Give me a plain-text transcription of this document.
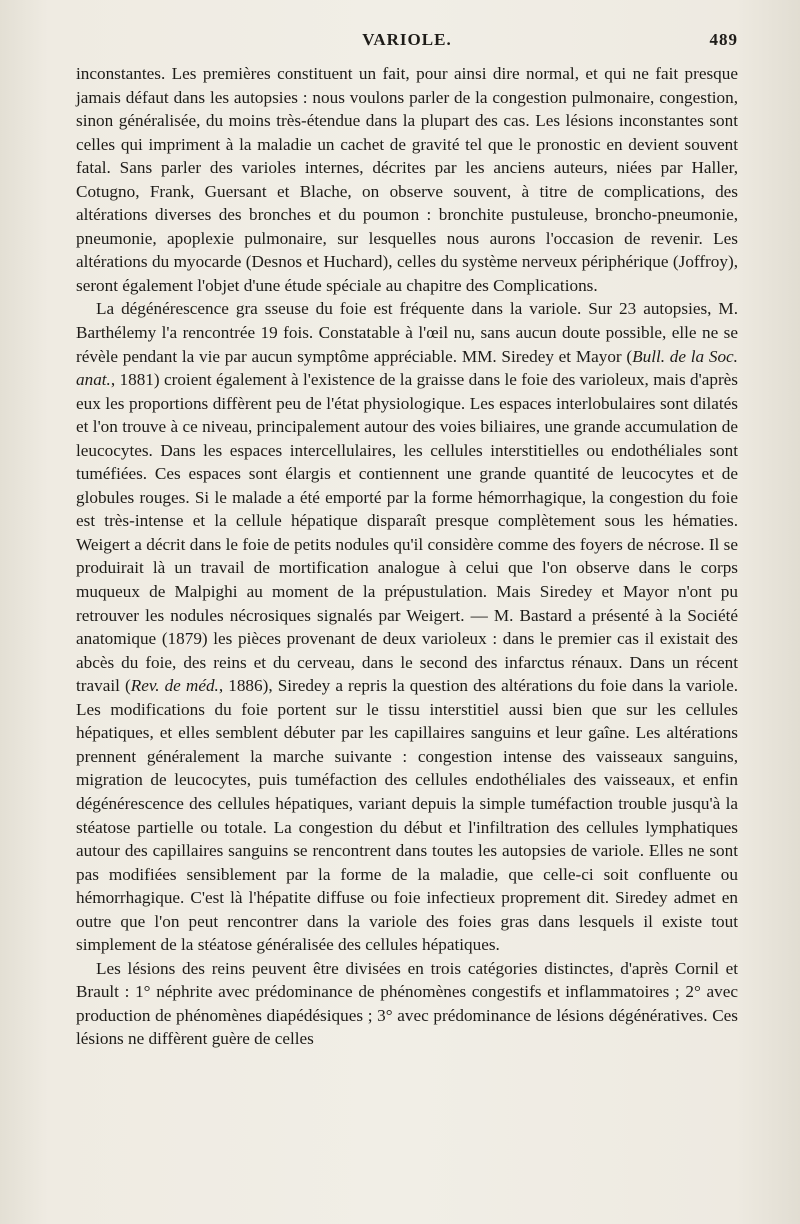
VARIOLE.	489

inconstantes. Les premières constituent un fait, pour ainsi dire normal, et qui ne fait presque jamais défaut dans les autopsies : nous voulons parler de la congestion pulmonaire, congestion, sinon généralisée, du moins très-étendue dans la plupart des cas. Les lésions inconstantes sont celles qui impriment à la maladie un cachet de gravité tel que le pronostic en devient souvent fatal. Sans parler des varioles internes, décrites par les anciens auteurs, niées par Haller, Cotugno, Frank, Guersant et Blache, on observe souvent, à titre de complications, des altérations diverses des bronches et du poumon : bronchite pustuleuse, broncho-pneumonie, pneumonie, apoplexie pulmonaire, sur lesquelles nous aurons l'occasion de revenir. Les altérations du myocarde (Desnos et Huchard), celles du système nerveux périphérique (Joffroy), seront également l'objet d'une étude spéciale au chapitre des Complications.

La dégénérescence gra sseuse du foie est fréquente dans la variole. Sur 23 autopsies, M. Barthélemy l'a rencontrée 19 fois. Constatable à l'œil nu, sans aucun doute possible, elle ne se révèle pendant la vie par aucun symptôme appréciable. MM. Siredey et Mayor (Bull. de la Soc. anat., 1881) croient également à l'existence de la graisse dans le foie des varioleux, mais d'après eux les proportions diffèrent peu de l'état physiologique. Les espaces interlobulaires sont dilatés et l'on trouve à ce niveau, principalement autour des voies biliaires, une grande accumulation de leucocytes. Dans les espaces intercellulaires, les cellules interstitielles ou endothéliales sont tuméfiées. Ces espaces sont élargis et contiennent une grande quantité de leucocytes et de globules rouges. Si le malade a été emporté par la forme hémorrhagique, la congestion du foie est très-intense et la cellule hépatique disparaît presque complètement sous les hématies. Weigert a décrit dans le foie de petits nodules qu'il considère comme des foyers de nécrose. Il se produirait là un travail de mortification analogue à celui que l'on observe dans le corps muqueux de Malpighi au moment de la prépustulation. Mais Siredey et Mayor n'ont pu retrouver les nodules nécrosiques signalés par Weigert. — M. Bastard a présenté à la Société anatomique (1879) les pièces provenant de deux varioleux : dans le premier cas il existait des abcès du foie, des reins et du cerveau, dans le second des infarctus rénaux. Dans un récent travail (Rev. de méd., 1886), Siredey a repris la question des altérations du foie dans la variole. Les modifications du foie portent sur le tissu interstitiel aussi bien que sur les cellules hépatiques, et elles semblent débuter par les capillaires sanguins et leur gaîne. Les altérations prennent généralement la marche suivante : congestion intense des vaisseaux sanguins, migration de leucocytes, puis tuméfaction des cellules endothéliales des vaisseaux, et enfin dégénérescence des cellules hépatiques, variant depuis la simple tuméfaction trouble jusqu'à la stéatose partielle ou totale. La congestion du début et l'infiltration des cellules lymphatiques autour des capillaires sanguins se rencontrent dans toutes les autopsies de variole. Elles ne sont pas modifiées sensiblement par la forme de la maladie, que celle-ci soit confluente ou hémorrhagique. C'est là l'hépatite diffuse ou foie infectieux proprement dit. Siredey admet en outre que l'on peut rencontrer dans la variole des foies gras dans lesquels il existe tout simplement de la stéatose généralisée des cellules hépatiques.

Les lésions des reins peuvent être divisées en trois catégories distinctes, d'après Cornil et Brault : 1° néphrite avec prédominance de phénomènes congestifs et inflammatoires ; 2° avec production de phénomènes diapédésiques ; 3° avec prédominance de lésions dégénératives. Ces lésions ne diffèrent guère de celles
